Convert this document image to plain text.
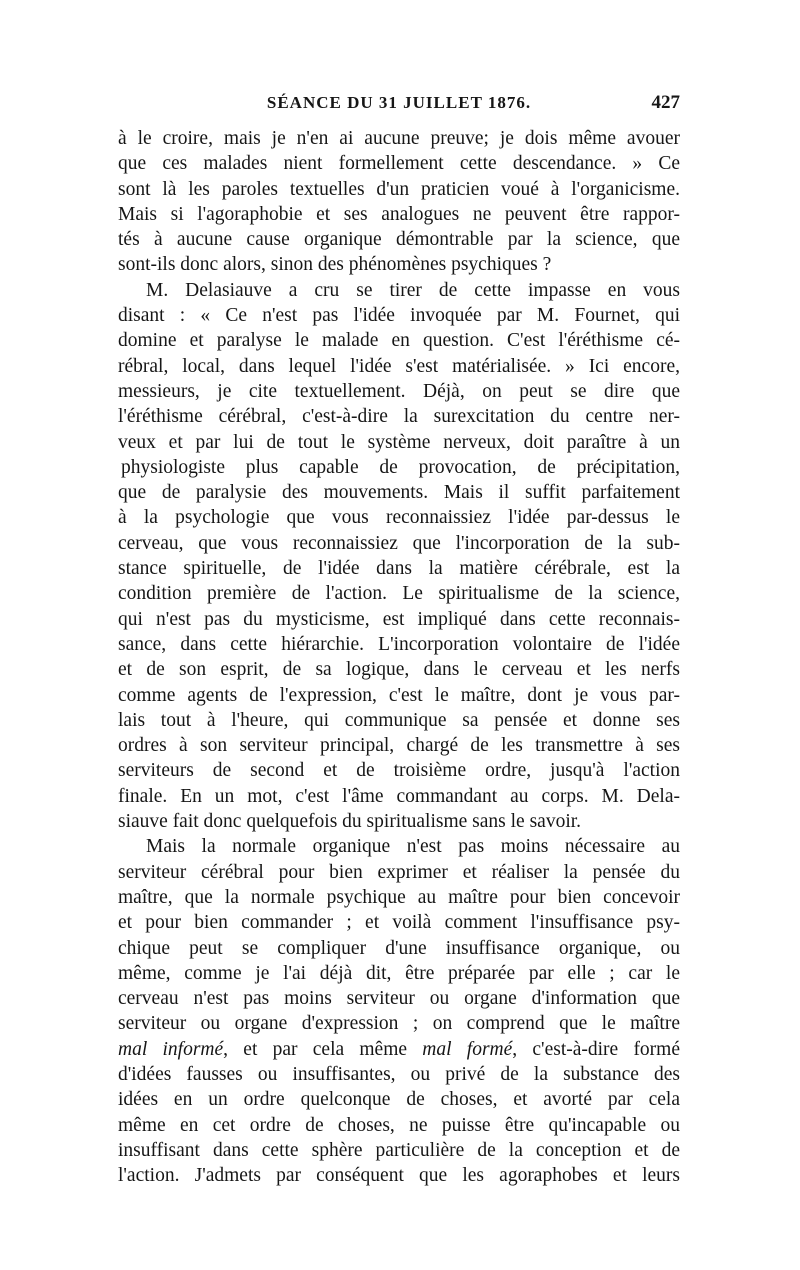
SÉANCE DU 31 JUILLET 1876.	427
à le croire, mais je n'en ai aucune preuve; je dois même avouer
que ces malades nient formellement cette descendance. » Ce
sont là les paroles textuelles d'un praticien voué à l'organicisme.
Mais si l'agoraphobie et ses analogues ne peuvent être rappor-
tés à aucune cause organique démontrable par la science, que
sont-ils donc alors, sinon des phénomènes psychiques ?
M. Delasiauve a cru se tirer de cette impasse en vous
disant : « Ce n'est pas l'idée invoquée par M. Fournet, qui
domine et paralyse le malade en question. C'est l'éréthisme cé-
rébral, local, dans lequel l'idée s'est matérialisée. » Ici encore,
messieurs, je cite textuellement. Déjà, on peut se dire que
l'éréthisme cérébral, c'est-à-dire la surexcitation du centre ner-
veux et par lui de tout le système nerveux, doit paraître à un
physiologiste plus capable de provocation, de précipitation,
que de paralysie des mouvements. Mais il suffit parfaitement
à la psychologie que vous reconnaissiez l'idée par-dessus le
cerveau, que vous reconnaissiez que l'incorporation de la sub-
stance spirituelle, de l'idée dans la matière cérébrale, est la
condition première de l'action. Le spiritualisme de la science,
qui n'est pas du mysticisme, est impliqué dans cette reconnais-
sance, dans cette hiérarchie. L'incorporation volontaire de l'idée
et de son esprit, de sa logique, dans le cerveau et les nerfs
comme agents de l'expression, c'est le maître, dont je vous par-
lais tout à l'heure, qui communique sa pensée et donne ses
ordres à son serviteur principal, chargé de les transmettre à ses
serviteurs de second et de troisième ordre, jusqu'à l'action
finale. En un mot, c'est l'âme commandant au corps. M. Dela-
siauve fait donc quelquefois du spiritualisme sans le savoir.
Mais la normale organique n'est pas moins nécessaire au
serviteur cérébral pour bien exprimer et réaliser la pensée du
maître, que la normale psychique au maître pour bien concevoir
et pour bien commander ; et voilà comment l'insuffisance psy-
chique peut se compliquer d'une insuffisance organique, ou
même, comme je l'ai déjà dit, être préparée par elle ; car le
cerveau n'est pas moins serviteur ou organe d'information que
serviteur ou organe d'expression ; on comprend que le maître
mal informé, et par cela même mal formé, c'est-à-dire formé
d'idées fausses ou insuffisantes, ou privé de la substance des
idées en un ordre quelconque de choses, et avorté par cela
même en cet ordre de choses, ne puisse être qu'incapable ou
insuffisant dans cette sphère particulière de la conception et de
l'action. J'admets par conséquent que les agoraphobes et leurs
